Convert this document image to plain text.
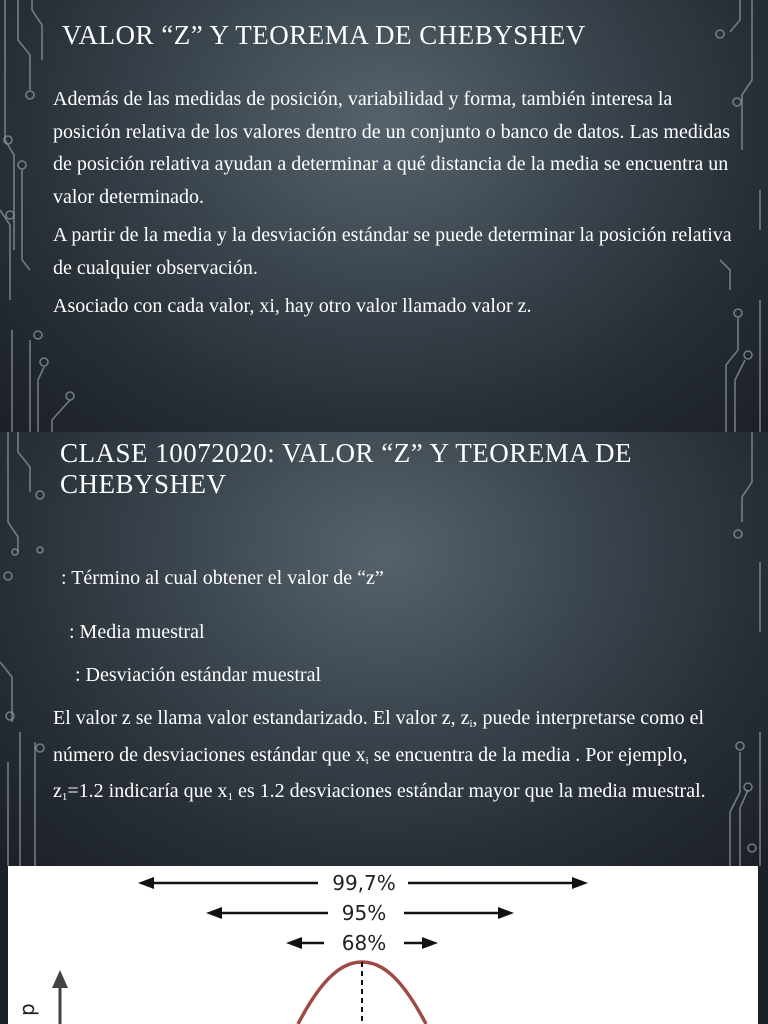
VALOR “Z” Y TEOREMA DE CHEBYSHEV

Además de las medidas de posición, variabilidad y forma, también interesa la posición relativa de los valores dentro de un conjunto o banco de datos. Las medidas de posición relativa ayudan a determinar a qué distancia de la media se encuentra un valor determinado.

A partir de la media y la desviación estándar se puede determinar la posición relativa de cualquier observación.

Asociado con cada valor, xi, hay otro valor llamado valor z.

CLASE 10072020: VALOR “Z” Y TEOREMA DE CHEBYSHEV
: Término al cual obtener el valor de “z”
: Media muestral
: Desviación estándar muestral

El valor z se llama valor estandarizado. El valor z, $z_i$, puede interpretarse como el número de desviaciones estándar que $x_i$ se encuentra de la media . Por ejemplo, $z_1=1.2$ indicaría que $x_1$ es 1.2 desviaciones estándar mayor que la media muestral.

99,7%
95%
68%
p
